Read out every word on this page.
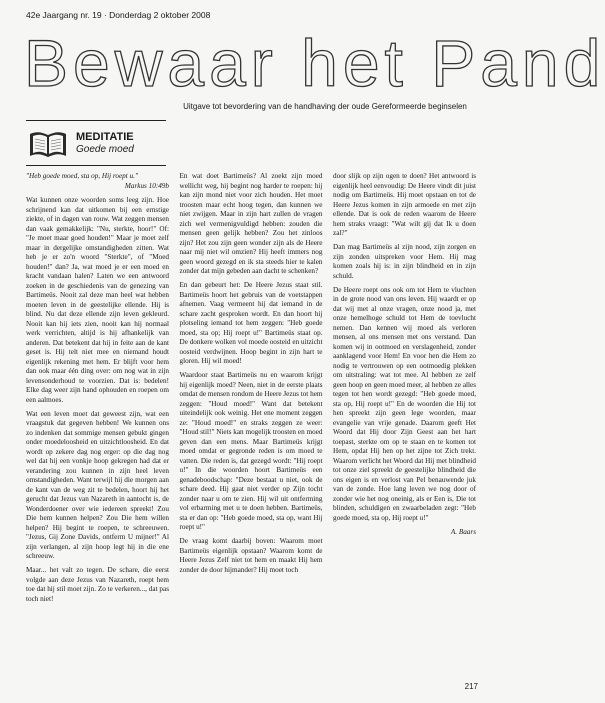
42e Jaargang nr. 19 · Donderdag 2 oktober 2008
Bewaar het Pand
Uitgave tot bevordering van de handhaving der oude Gereformeerde beginselen
MEDITATIE
Goede moed

"Heb goede moed, sta op, Hij roept u."

Markus 10:49b

Wat kunnen onze woorden soms leeg zijn. Hoe schrijnend kan dat uitkomen bij een ernstige ziekte, of in dagen van rouw. Wat zeggen mensen dan vaak gemakkelijk: "Nu, sterkte, hoor!" Of: "Je moet maar goed houden!" Maar je moet zelf maar in dergelijke omstandigheden zitten. Wat heb je er zo'n woord "Sterkte", of "Moed houden!" dan? Ja, wat moed je er een moed en kracht vandaan halen? Laten we een antwoord zoeken in de geschiedenis van de genezing van Bartimeüs. Nooit zal deze man heel wat hebben moeten leven in de geestelijke ellende. Hij is blind. Nu dat deze ellende zijn leven gekleurd. Nooit kan hij iets zien, nooit kan hij normaal werk verrichten, altijd is hij afhankelijk van anderen. Dat betekent dat hij in feite aan de kant geset is. Hij telt niet mee en niemand houdt eigenlijk rekening met hem. Er blijft voor hem dan ook maar één ding over: om nog wat in zijn levensonderhoud te voorzien. Dat is: bedelen! Elke dag weer zijn hand ophouden en roepen om een aalmoes.

Wat een leven moet dat geweest zijn, wat een vraagstuk dat gegeven hebben! We kunnen ons zo indenken dat sommige mensen gebukt gingen onder moedeloosheid en uitzichtloosheid. En dat wordt op zekere dag nog erger: op die dag nog wel dat hij een vonkje hoop gekregen had dat er verandering zou kunnen in zijn heel leven omstandigheden. Want terwijl hij die morgen aan de kant van de weg zit te bedelen, hoort hij het gerucht dat Jezus van Nazareth in aantocht is, de Wonderdoener over wie iedereen spreekt! Zou Die hem kunnen helpen? Zou Die hem willen helpen? Hij begint te roepen, te schreeuwen. "Jezus, Gij Zone Davids, ontferm U mijner!" Al zijn verlangen, al zijn hoop legt hij in die ene schreeuw.

Maar... het valt zo tegen. De schare, die eerst volgde aan deze Jezus van Nazareth, roept hem toe dat hij stil moet zijn. Zo te verkeren..., dat pas toch niet!

En wat doet Bartimeüs? Al zoekt zijn moed wellicht weg, hij begint nog harder te roepen: hij kan zijn mond niet voor zich houden. Het moet troosten maar echt hoog tegen, dan kunnen we niet zwijgen. Maar in zijn hart zullen de vragen zich wel vermenigvuldigd hebben: zouden die mensen geen gelijk hebben? Zou het zinloos zijn? Het zou zijn geen wonder zijn als de Heere naar mij niet wil omzien? Hij heeft immers nog geen woord gezegd en ik sta steeds hier te kalen zonder dat mijn gebeden aan dacht te schenken?

En dan gebeurt het: De Heere Jezus staat stil. Bartimeüs hoort het gebruis van de voetstappen afnemen. Vaag vermeent hij dat iemand in de schare zacht gesproken wordt. En dan hoort hij plotseling iemand tot hem zeggen: "Heb goede moed, sta op; Hij roept u!" Bartimeüs staat op. De donkere wolken vol moede oosteid en uitzicht oosteid verdwijnen. Hoop begint in zijn hart te gloren. Hij wil moed!

Waardoor staat Bartimeüs nu en waarom krijgt hij eigenlijk moed? Neen, niet in de eerste plaats omdat de mensen rondom de Heere Jezus tot hem zeggen: "Houd moed!" Want dat betekent uiteindelijk ook weinig. Het ene moment zeggen ze: "Houd moed!" en straks zeggen ze weer: "Houd stil!" Niets kan mogelijk troosten en moed geven dan een mens. Maar Bartimeüs krijgt moed omdat er gegronde reden is om moed te vatten. Die reden is, dat gezegd wordt: "Hij roept u!" In die woorden hoort Bartimeüs een genadeboodschap: "Deze bestaat u niet, ook de schare deed. Hij gaat niet verder op Zijn tocht zonder naar u om te zien. Hij wil uit ontferming vol erbarming met u te doen hebben. Bartimeüs, sta er dan op: "Heb goede moed, sta op, want Hij roept u!"

De vraag komt daarbij boven: Waarom moet Bartimeüs eigenlijk opstaan? Waarom komt de Heere Jezus Zelf niet tot hem en maakt Hij hem zonder de door hijmander? Hij moet toch

door slijk op zijn ogen te doen? Het antwoord is eigenlijk heel eenvoudig: De Heere vindt dit juist nodig om Bartimeüs. Hij moet opstaan en tot de Heere Jezus komen in zijn armoede en met zijn ellende. Dat is ook de reden waarom de Heere hem straks vraagt: "Wat wilt gij dat Ik u doen zal?"

Dan mag Bartimeüs al zijn nood, zijn zorgen en zijn zonden uitspreken voor Hem. Hij mag komen zoals hij is: in zijn blindheid en in zijn schuld.

De Heere roept ons ook om tot Hem te vluchten in de grote nood van ons leven. Hij waardt er op dat wij met al onze vragen, onze nood ja, met onze hemelhoge schuld tot Hem de toevlucht nemen. Dan kennen wij moed als verloren mensen, al ons mensen met ons verstand. Dan komen wij in ootmoed en verslagenheid, zonder aanklagend voor Hem! En voor hen die Hem zo nodig te vertrouwen op een ootmoedig plekken om uitstraling: wat tot mee. Al hebben ze zelf geen hoop en geen moed meer, al hebben ze alles tegen tot hen wordt gezegd: "Heb goede moed, sta op, Hij roept u!" En de woorden die Hij tot hen spreekt zijn geen lege woorden, maar evangelie van vrije genade. Daarom geeft Het Woord dat Hij door Zijn Geest aan het hart toepast, sterkte om op te staan en te komen tot Hem, opdat Hij hen op het zijne tot Zich trekt. Waarom verlicht het Woord dat Hij met blindheid tot onze ziel spreekt de geestelijke blindheid die ons eigen is en verlost van Pel benauwende juk van de zonde. Hoe lang leven we nog door of zonder wie het nog oneinig, als er Een is, Die tot blinden, schuldigen en zwaarbeladen zegt: "Heb goede moed, sta op, Hij roept u!"

A. Baars

217
